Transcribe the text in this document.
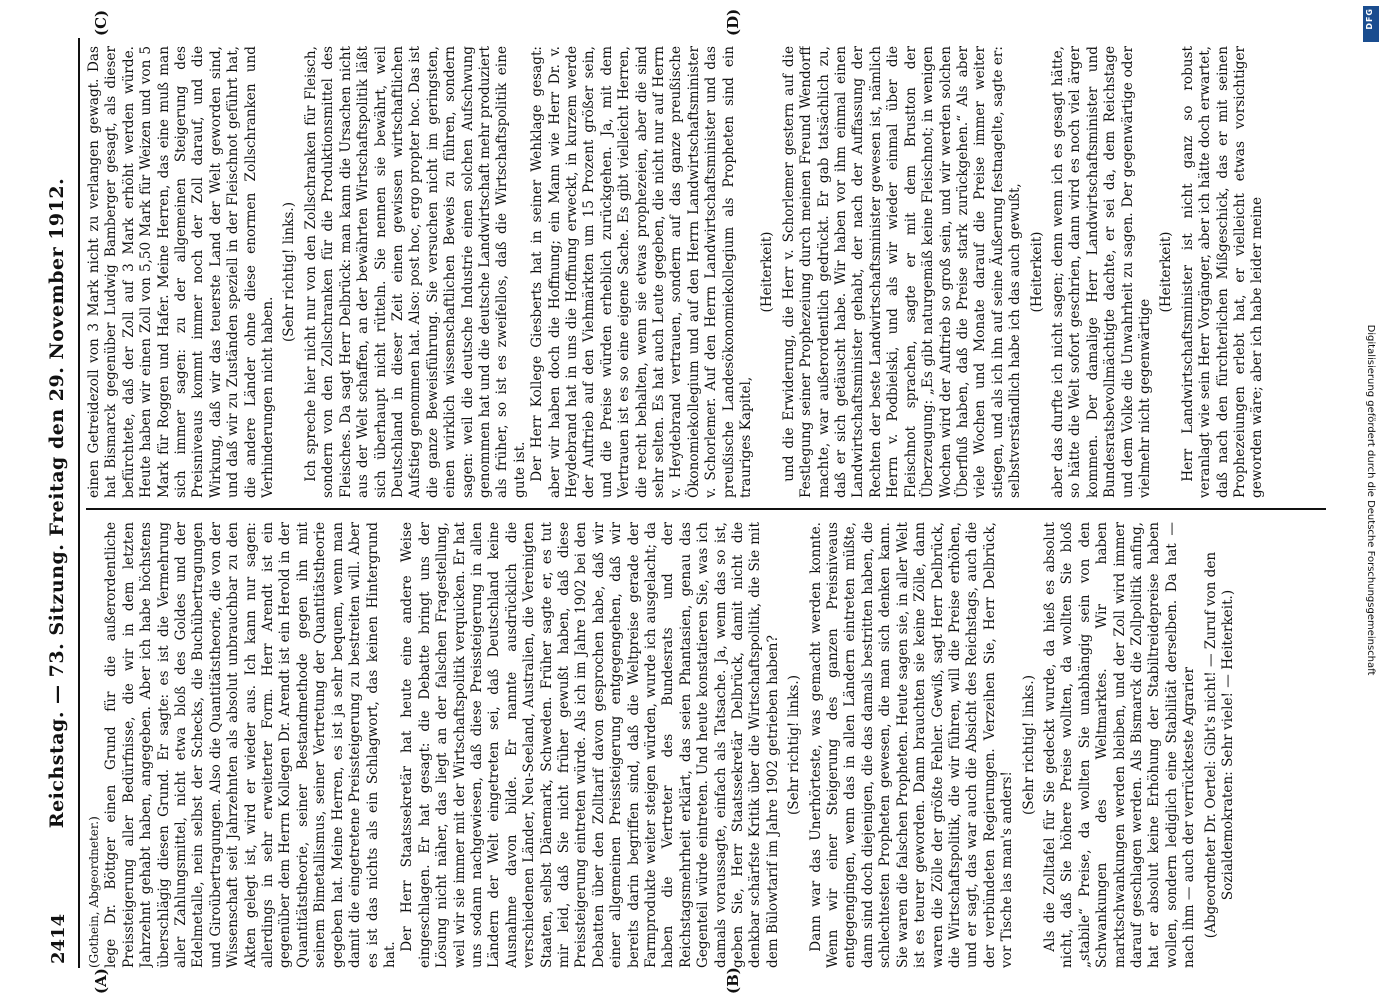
2414
Reichstag. — 73. Sitzung. Freitag den 29. November 1912.
(A)	(B)
(C)	(D)

(Gothein, Abgeordneter.) lege Dr. Böttger einen Grund für die außerordentliche Preissteigerung aller Bedürfnisse, die wir in dem letzten Jahrzehnt gehabt haben, angegeben. Aber ich habe höchstens überschlägig diesen Grund. Er sagte: es ist die Vermehrung aller Zahlungsmittel, nicht etwa bloß des Goldes und der Edelmetalle, nein selbst der Schecks, die Buchübertragungen und Giroübertragungen. Also die Quantitätstheorie, die von der Wissenschaft seit Jahrzehnten als absolut unbrauchbar zu den Akten gelegt ist, wird er wieder aus. Ich kann nur sagen: allerdings in sehr erweiterter Form. Herr Arendt ist ein gegenüber dem Herrn Kollegen Dr. Arendt ist ein Herold in der Quantitätstheorie, seiner Bestandmethode gegen ihn mit seinem Bimetallismus, seiner Vertretung der Quantitätstheorie gegeben hat. Meine Herren, es ist ja sehr bequem, wenn man damit die eingetretene Preissteigerung zu bestreiten will. Aber es ist das nichts als ein Schlagwort, das keinen Hintergrund hat.

Der Herr Staatssekretär hat heute eine andere Weise eingeschlagen. Er hat gesagt: die Debatte bringt uns der Lösung nicht näher, das liegt an der falschen Fragestellung, weil wir sie immer mit der Wirtschaftspolitik verquicken. Er hat uns sodann nachgewiesen, daß diese Preissteigerung in allen Ländern der Welt eingetreten sei, daß Deutschland keine Ausnahme davon bilde. Er nannte ausdrücklich die verschiedenen Länder, Neu-Seeland, Australien, die Vereinigten Staaten, selbst Dänemark, Schweden. Früher sagte er, es tut mir leid, daß Sie nicht früher gewußt haben, daß diese Preissteigerung eintreten würde. Als ich im Jahre 1902 bei den Debatten über den Zolltarif davon gesprochen habe, daß wir einer allgemeinen Preissteigerung entgegengehen, daß wir bereits darin begriffen sind, daß die Weltpreise gerade der Farmprodukte weiter steigen würden, wurde ich ausgelacht; da haben die Vertreter des Bundesrats und der Reichstagsmehrheit erklärt, das seien Phantasien, genau das Gegenteil würde eintreten. Und heute konstatieren Sie, was ich damals voraussagte, einfach als Tatsache. Ja, wenn das so ist, geben Sie, Herr Staatssekretär Delbrück, damit nicht die denkbar schärfste Kritik über die Wirtschaftspolitik, die Sie mit dem Bülowtarif im Jahre 1902 getrieben haben? (Sehr richtig! links.) Dann war das Unerhörteste, was gemacht werden konnte. Wenn wir einer Steigerung des ganzen Preisniveaus entgegengingen, wenn das in allen Ländern eintreten müßte, dann sind doch diejenigen, die das damals bestritten haben, die schlechtesten Propheten gewesen, die man sich denken kann. Sie waren die falschen Propheten. Heute sagen sie, in aller Welt ist es teurer geworden. Dann brauchten sie keine Zölle, dann waren die Zölle der größte Fehler. Gewiß, sagt Herr Delbrück, die Wirtschaftspolitik, die wir führen, will die Preise erhöhen, und er sagt, das war auch die Absicht des Reichstags, auch die der verbündeten Regierungen. Verzeihen Sie, Herr Delbrück, vor Tische las man's anders!

(Sehr richtig! links.) Als die Zolltafel für Sie gedeckt wurde, da hieß es absolut nicht, daß Sie höhere Preise wollten, da wollten Sie bloß „stabile“ Preise, da wollten Sie unabhängig sein von den Schwankungen des Weltmarktes. Wir haben marktschwankungen werden bleiben, und der Zoll wird immer darauf geschlagen werden. Als Bismarck die Zollpolitik anfing, hat er absolut keine Erhöhung der Stabiltreidepreise haben wollen, sondern lediglich eine Stabilität derselben. Da hat — nach ihm — auch der verrückteste Agrarier (Abgeordneter Dr. Oertel: Gibt's nicht! — Zuruf von den Sozialdemokraten: Sehr viele! — Heiterkeit.)

einen Getreidezoll von 3 Mark nicht zu verlangen gewagt. Das hat Bismarck gegenüber Ludwig Bamberger gesagt, als dieser befürchtete, daß der Zoll auf 3 Mark erhöht werden würde. Heute haben wir einen Zoll von 5,50 Mark für Weizen und von 5 Mark für Roggen und Hafer. Meine Herren, das eine muß man sich immer sagen: zu der allgemeinen Steigerung des Preisniveaus kommt immer noch der Zoll darauf, und die Wirkung, daß wir das teuerste Land der Welt geworden sind, und daß wir zu Zuständen speziell in der Fleischnot geführt hat, die andere Länder ohne diese enormen Zollschranken und Verhinderungen nicht haben.

(Sehr richtig! links.) Ich spreche hier nicht nur von den Zollschranken für Fleisch, sondern von den Zollschranken für die Produktionsmittel des Fleisches. Da sagt Herr Delbrück: man kann die Ursachen nicht aus der Welt schaffen, an der bewährten Wirtschaftspolitik läßt sich überhaupt nicht rütteln. Sie nennen sie bewährt, weil Deutschland in dieser Zeit einen gewissen wirtschaftlichen Aufstieg genommen hat. Also: post hoc, ergo propter hoc. Das ist die ganze Beweisführung. Sie versuchen nicht im geringsten, einen wirklich wissenschaftlichen Beweis zu führen, sondern sagen: weil die deutsche Industrie einen solchen Aufschwung genommen hat und die deutsche Landwirtschaft mehr produziert als früher, so ist es zweifellos, daß die Wirtschaftspolitik eine gute ist. Der Herr Kollege Giesberts hat in seiner Wehklage gesagt: aber wir haben doch die Hoffnung; ein Mann wie Herr Dr. v. Heydebrand hat in uns die Hoffnung erweckt, in kurzem werde der Auftrieb auf den Viehmärkten um 15 Prozent größer sein, und die Preise würden erheblich zurückgehen. Ja, mit dem Vertrauen ist es so eine eigene Sache. Es gibt vielleicht Herren, die recht behalten, wenn sie etwas prophezeien, aber die sind sehr selten. Es hat auch Leute gegeben, die nicht nur auf Herrn v. Heydebrand vertrauen, sondern auf das ganze preußische Ökonomiekollegium und auf den Herrn Landwirtschaftsminister v. Schorlemer. Auf den Herrn Landwirtschaftsminister und das preußische Landesökonomiekollegium als Propheten sind ein trauriges Kapitel,

(Heiterkeit) und die Erwiderung, die Herr v. Schorlemer gestern auf die Festlegung seiner Prophezeiung durch meinen Freund Wendorff machte, war außerordentlich gedrückt. Er gab tatsächlich zu, daß er sich getäuscht habe. Wir haben vor ihm einmal einen Landwirtschaftsminister gehabt, der nach der Auffassung der Rechten der beste Landwirtschaftsminister gewesen ist, nämlich Herrn v. Podbielski, und als wir wieder einmal über die Fleischnot sprachen, sagte er mit dem Brustton der Überzeugung: „Es gibt naturgemäß keine Fleischnot; in wenigen Wochen wird der Auftrieb so groß sein, und wir werden solchen Überfluß haben, daß die Preise stark zurückgehen.“ Als aber viele Wochen und Monate darauf die Preise immer weiter stiegen, und als ich ihn auf seine Äußerung festnagelte, sagte er: selbstverständlich habe ich das auch gewußt, (Heiterkeit) aber das durfte ich nicht sagen; denn wenn ich es gesagt hätte, so hätte die Welt sofort geschrien, dann wird es noch viel ärger kommen. Der damalige Herr Landwirtschaftsminister und Bundesratsbevollmächtigte dachte, er sei da, dem Reichstage und dem Volke die Unwahrheit zu sagen. Der gegenwärtige oder vielmehr nicht gegenwärtige

(Heiterkeit) Herr Landwirtschaftsminister ist nicht ganz so robust veranlagt wie sein Herr Vorgänger, aber ich hätte doch erwartet, daß nach den fürchterlichen Mißgeschick, das er mit seinen Prophezeiungen erlebt hat, er vielleicht etwas vorsichtiger geworden wäre; aber ich habe leider meine

DFG
Digitalisierung gefördert durch die Deutsche Forschungsgemeinschaft
